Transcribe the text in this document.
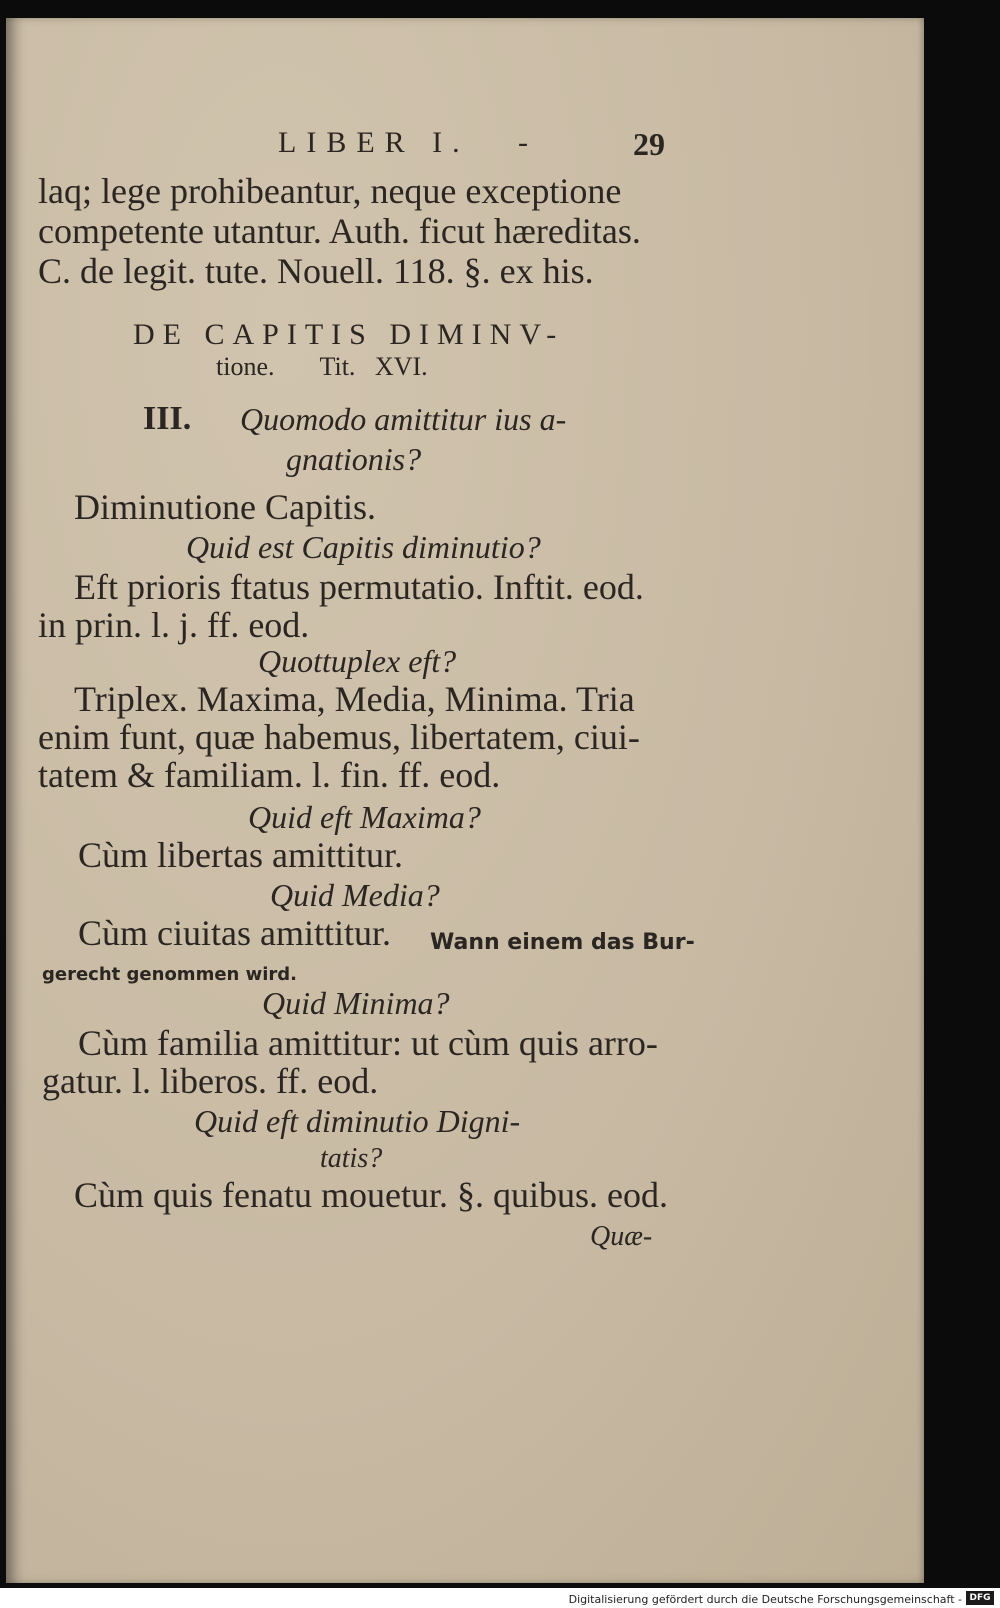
LIBER I. -	29
laq; lege prohibeantur, neque exceptione
competente utantur. Auth. ficut hæreditas.
C. de legit. tute. Nouell. 118. §. ex his.
DE CAPITIS DIMINV-
tione.       Tit.   XVI.
III.	Quomodo amittitur ius a-
gnationis?
Diminutione Capitis.
Quid est Capitis diminutio?
Eft prioris ftatus permutatio. Inftit. eod.
in prin. l. j. ff. eod.
Quottuplex eft?
Triplex. Maxima, Media, Minima. Tria
enim funt, quæ habemus, libertatem, ciui-
tatem & familiam. l. fin. ff. eod.
Quid eft Maxima?
Cùm libertas amittitur.
Quid Media?
Cùm ciuitas amittitur.	Wann einem das Bur-
gerecht genommen wird.
Quid Minima?
Cùm familia amittitur: ut cùm quis arro-
gatur. l. liberos. ff. eod.
Quid eft diminutio Digni-
tatis?
Cùm quis fenatu mouetur. §. quibus. eod.
Quæ-
Digitalisierung gefördert durch die Deutsche Forschungsgemeinschaft - DFG
